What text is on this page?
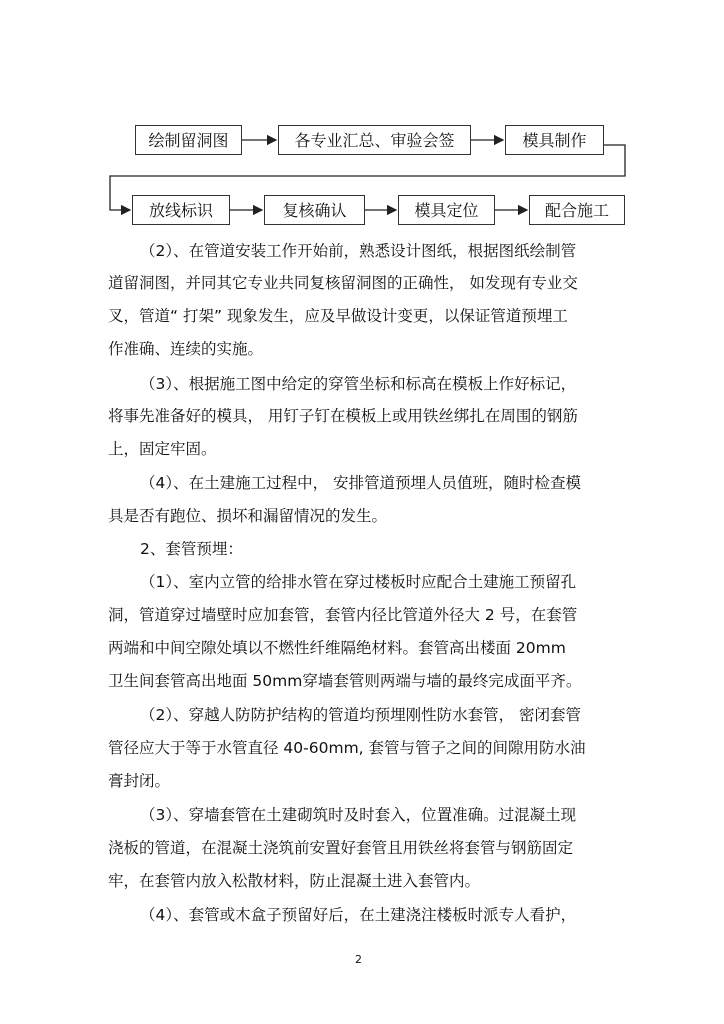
绘制留洞图	各专业汇总、审验会签	模具制作
放线标识	复核确认	模具定位	配合施工
（2）、在管道安装工作开始前，熟悉设计图纸，根据图纸绘制管
道留洞图，并同其它专业共同复核留洞图的正确性， 如发现有专业交
叉，管道“ 打架” 现象发生，应及早做设计变更，以保证管道预埋工
作准确、连续的实施。
（3）、根据施工图中给定的穿管坐标和标高在模板上作好标记，
将事先准备好的模具， 用钉子钉在模板上或用铁丝绑扎在周围的钢筋
上，固定牢固。
（4）、在土建施工过程中， 安排管道预埋人员值班，随时检查模
具是否有跑位、损坏和漏留情况的发生。
2、套管预埋：
（1）、室内立管的给排水管在穿过楼板时应配合土建施工预留孔
洞，管道穿过墙壁时应加套管，套管内径比管道外径大 2 号，在套管
两端和中间空隙处填以不燃性纤维隔绝材料。套管高出楼面 20mm
卫生间套管高出地面 50mm穿墙套管则两端与墙的最终完成面平齐。
（2）、穿越人防防护结构的管道均预埋刚性防水套管， 密闭套管
管径应大于等于水管直径 40-60mm, 套管与管子之间的间隙用防水油
膏封闭。
（3）、穿墙套管在土建砌筑时及时套入，位置准确。过混凝土现
浇板的管道，在混凝土浇筑前安置好套管且用铁丝将套管与钢筋固定
牢，在套管内放入松散材料，防止混凝土进入套管内。
（4）、套管或木盒子预留好后，在土建浇注楼板时派专人看护，
2
